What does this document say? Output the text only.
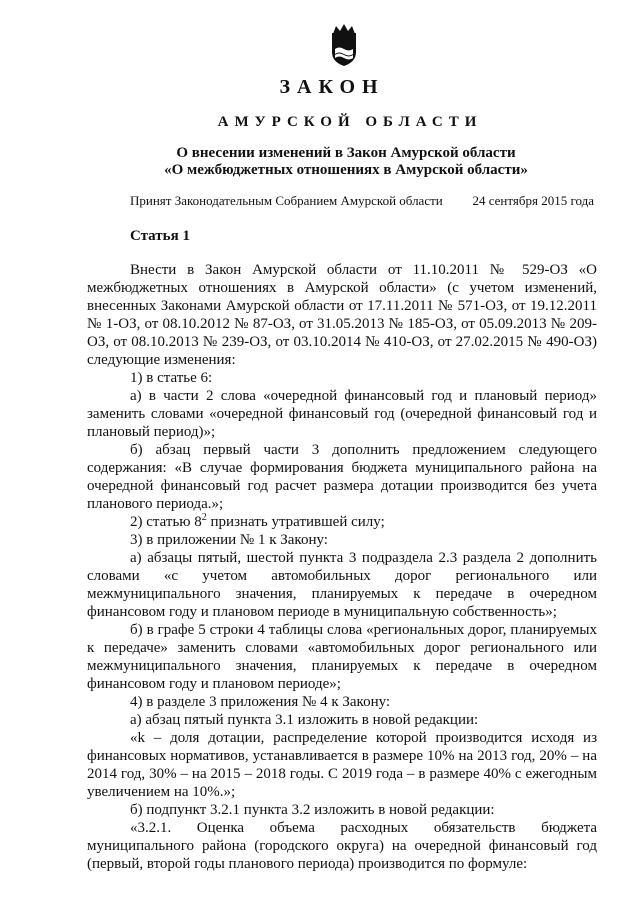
ЗАКОН
АМУРСКОЙ ОБЛАСТИ
О внесении изменений в Закон Амурской области
«О межбюджетных отношениях в Амурской области»
Принят Законодательным Собранием Амурской области 24 сентября 2015 года
Статья 1

Внести в Закон Амурской области от 11.10.2011 № 529-ОЗ «О межбюджетных отношениях в Амурской области» (с учетом изменений, внесенных Законами Амурской области от 17.11.2011 № 571-ОЗ, от 19.12.2011 № 1-ОЗ, от 08.10.2012 № 87-ОЗ, от 31.05.2013 № 185-ОЗ, от 05.09.2013 № 209-ОЗ, от 08.10.2013 № 239-ОЗ, от 03.10.2014 № 410-ОЗ, от 27.02.2015 № 490-ОЗ) следующие изменения:

1) в статье 6:

а) в части 2 слова «очередной финансовый год и плановый период» заменить словами «очередной финансовый год (очередной финансовый год и плановый период)»;

б) абзац первый части 3 дополнить предложением следующего содержания: «В случае формирования бюджета муниципального района на очередной финансовый год расчет размера дотации производится без учета планового периода.»;

2) статью $8^2$ признать утратившей силу;

3) в приложении № 1 к Закону:

а) абзацы пятый, шестой пункта 3 подраздела 2.3 раздела 2 дополнить словами «с учетом автомобильных дорог регионального или межмуниципального значения, планируемых к передаче в очередном финансовом году и плановом периоде в муниципальную собственность»;

б) в графе 5 строки 4 таблицы слова «региональных дорог, планируемых к передаче» заменить словами «автомобильных дорог регионального или межмуниципального значения, планируемых к передаче в очередном финансовом году и плановом периоде»;

4) в разделе 3 приложения № 4 к Закону:

а) абзац пятый пункта 3.1 изложить в новой редакции:

«k – доля дотации, распределение которой производится исходя из финансовых нормативов, устанавливается в размере 10% на 2013 год, 20% – на 2014 год, 30% – на 2015 – 2018 годы. С 2019 года – в размере 40% с ежегодным увеличением на 10%.»;

б) подпункт 3.2.1 пункта 3.2 изложить в новой редакции:

«3.2.1. Оценка объема расходных обязательств бюджета муниципального района (городского округа) на очередной финансовый год (первый, второй годы планового периода) производится по формуле:
